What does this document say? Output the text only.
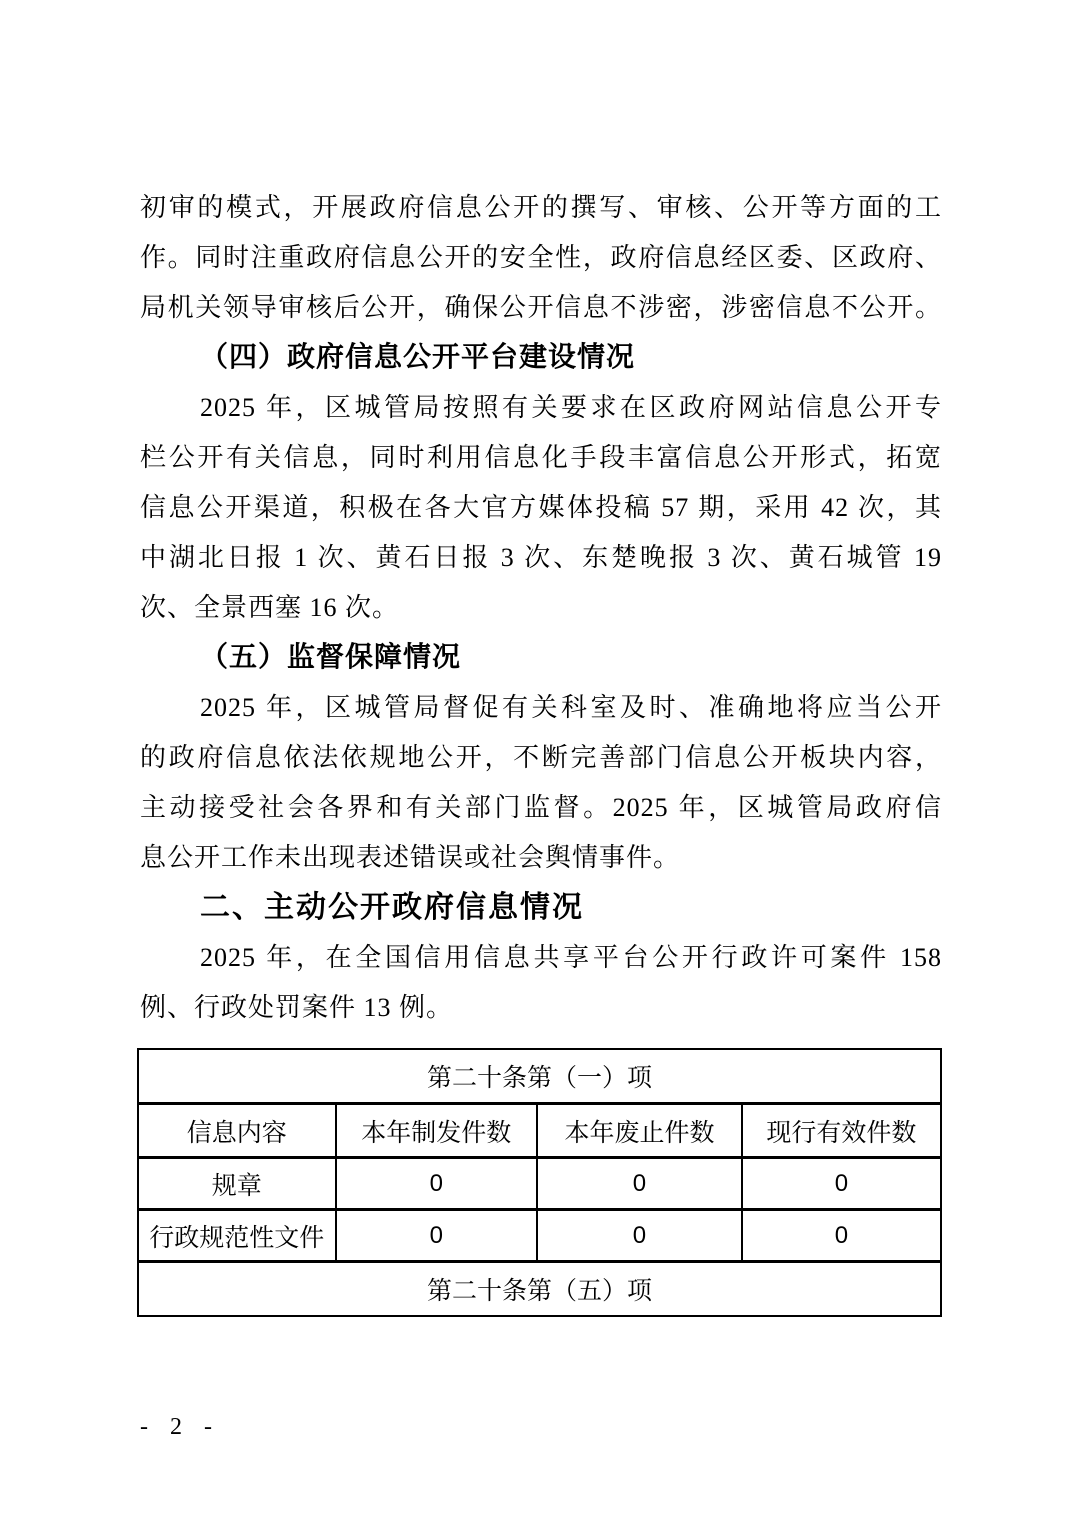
初审的模式，开展政府信息公开的撰写、审核、公开等方面的工
作。同时注重政府信息公开的安全性，政府信息经区委、区政府、
局机关领导审核后公开，确保公开信息不涉密，涉密信息不公开。
（四）政府信息公开平台建设情况
2025 年，区城管局按照有关要求在区政府网站信息公开专
栏公开有关信息，同时利用信息化手段丰富信息公开形式，拓宽
信息公开渠道，积极在各大官方媒体投稿 57 期，采用 42 次，其
中湖北日报 1 次、黄石日报 3 次、东楚晚报 3 次、黄石城管 19
次、全景西塞 16 次。
（五）监督保障情况
2025 年，区城管局督促有关科室及时、准确地将应当公开
的政府信息依法依规地公开，不断完善部门信息公开板块内容，
主动接受社会各界和有关部门监督。2025 年，区城管局政府信
息公开工作未出现表述错误或社会舆情事件。
二、主动公开政府信息情况
2025 年，在全国信用信息共享平台公开行政许可案件 158
例、行政处罚案件 13 例。
第二十条第（一）项			
信息内容	本年制发件数	本年废止件数	现行有效件数
规章	0	0	0
行政规范性文件	0	0	0
第二十条第（五）项			
- 2 -
